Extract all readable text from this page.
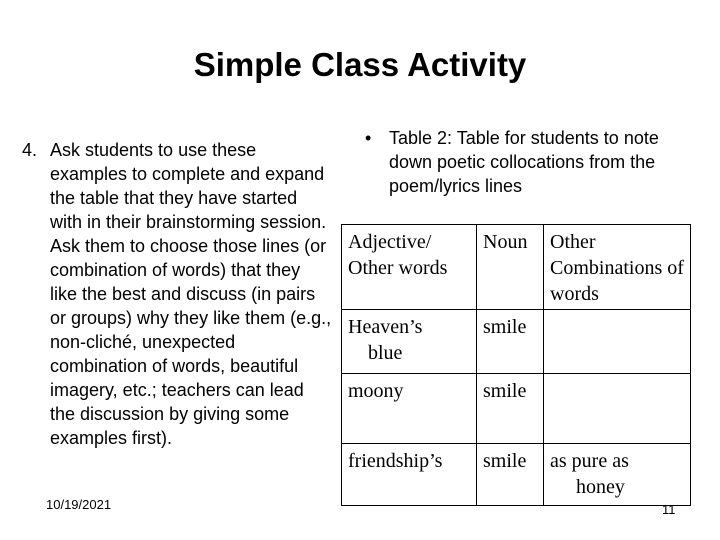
Simple Class Activity
4. Ask students to use these examples to complete and expand the table that they have started with in their brainstorming session. Ask them to choose those lines (or combination of words) that they like the best and discuss (in pairs or groups) why they like them (e.g., non-cliché, unexpected combination of words, beautiful imagery, etc.; teachers can lead the discussion by giving some examples first).
• Table 2: Table for students to note down poetic collocations from the poem/lyrics lines
Adjective/ Other words	Noun	Other Combinations of words

Heaven’s
blue	smile	

moony	smile	

friendship’s	smile	as pure as
honey
10/19/2021	11
